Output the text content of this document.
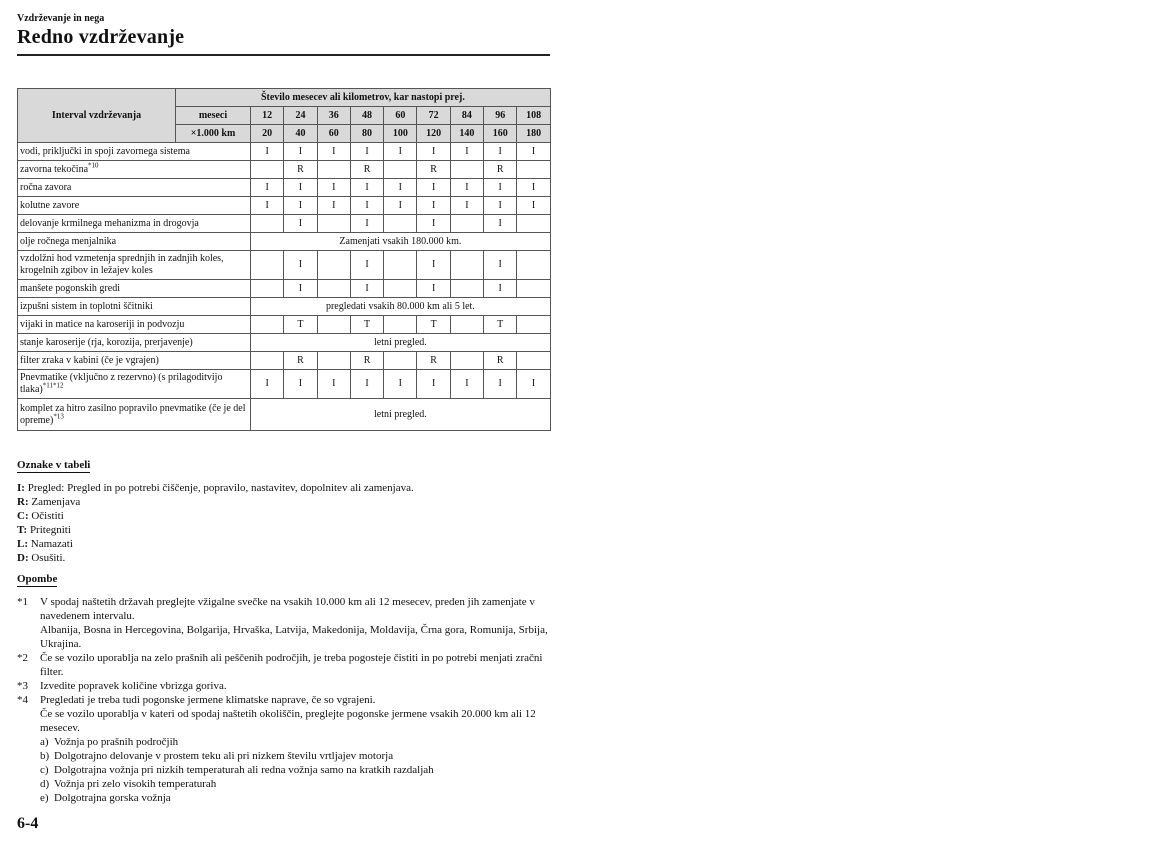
Vzdrževanje in nega
Redno vzdrževanje
Interval vzdrževanja	Število mesecev ali kilometrov, kar nastopi prej.									
	meseci	12	24	36	48	60	72	84	96	108
	×1.000 km	20	40	60	80	100	120	140	160	180
vodi, priključki in spoji zavornega sistema		I	I	I	I	I	I	I	I	I
zavorna tekočina$^{*10}$			R		R		R		R	
ročna zavora		I	I	I	I	I	I	I	I	I
kolutne zavore		I	I	I	I	I	I	I	I	I
delovanje krmilnega mehanizma in drogovja			I		I		I		I	
olje ročnega menjalnika		Zamenjati vsakih 180.000 km.								
vzdolžni hod vzmetenja sprednjih in zadnjih koles, krogelnih zgibov in ležajev koles			I		I		I		I	
manšete pogonskih gredi			I		I		I		I	
izpušni sistem in toplotni ščitniki		pregledati vsakih 80.000 km ali 5 let.								
vijaki in matice na karoseriji in podvozju			T		T		T		T	
stanje karoserije (rja, korozija, prerjavenje)		letni pregled.								
filter zraka v kabini (če je vgrajen)			R		R		R		R	
Pnevmatike (vključno z rezervno) (s prilagoditvijo tlaka)$^{*11*12}$		I	I	I	I	I	I	I	I	I
komplet za hitro zasilno popravilo pnevmatike (če je del opreme)$^{*13}$		letni pregled.								
Oznake v tabeli
I: Pregled: Pregled in po potrebi čiščenje, popravilo, nastavitev, dopolnitev ali zamenjava.
R: Zamenjava
C: Očistiti
T: Pritegniti
L: Namazati
D: Osušiti.
Opombe
*1 V spodaj naštetih državah preglejte vžigalne svečke na vsakih 10.000 km ali 12 mesecev, preden jih zamenjate v navedenem intervalu.
Albanija, Bosna in Hercegovina, Bolgarija, Hrvaška, Latvija, Makedonija, Moldavija, Črna gora, Romunija, Srbija, Ukrajina.
*2 Če se vozilo uporablja na zelo prašnih ali peščenih področjih, je treba pogosteje čistiti in po potrebi menjati zračni filter.
*3 Izvedite popravek količine vbrizga goriva.
*4 Pregledati je treba tudi pogonske jermene klimatske naprave, če so vgrajeni.
Če se vozilo uporablja v kateri od spodaj naštetih okoliščin, preglejte pogonske jermene vsakih 20.000 km ali 12 mesecev.
a) Vožnja po prašnih področjih
b) Dolgotrajno delovanje v prostem teku ali pri nizkem številu vrtljajev motorja
c) Dolgotrajna vožnja pri nizkih temperaturah ali redna vožnja samo na kratkih razdaljah
d) Vožnja pri zelo visokih temperaturah
e) Dolgotrajna gorska vožnja
6-4
